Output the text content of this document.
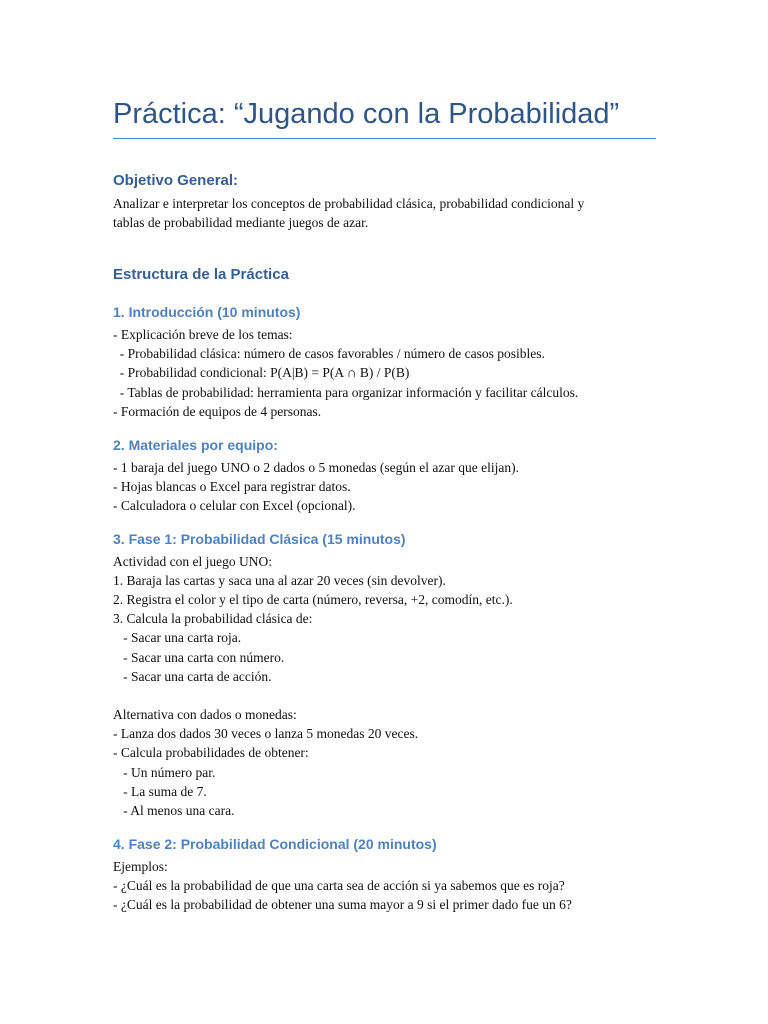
Práctica: “Jugando con la Probabilidad”
Objetivo General:
Analizar e interpretar los conceptos de probabilidad clásica, probabilidad condicional y
tablas de probabilidad mediante juegos de azar.
Estructura de la Práctica
1. Introducción (10 minutos)
- Explicación breve de los temas:
- Probabilidad clásica: número de casos favorables / número de casos posibles.
- Probabilidad condicional: P(A|B) = P(A ∩ B) / P(B)
- Tablas de probabilidad: herramienta para organizar información y facilitar cálculos.
- Formación de equipos de 4 personas.
2. Materiales por equipo:
- 1 baraja del juego UNO o 2 dados o 5 monedas (según el azar que elijan).
- Hojas blancas o Excel para registrar datos.
- Calculadora o celular con Excel (opcional).
3. Fase 1: Probabilidad Clásica (15 minutos)
Actividad con el juego UNO:
1. Baraja las cartas y saca una al azar 20 veces (sin devolver).
2. Registra el color y el tipo de carta (número, reversa, +2, comodín, etc.).
3. Calcula la probabilidad clásica de:
- Sacar una carta roja.
- Sacar una carta con número.
- Sacar una carta de acción.
Alternativa con dados o monedas:
- Lanza dos dados 30 veces o lanza 5 monedas 20 veces.
- Calcula probabilidades de obtener:
- Un número par.
- La suma de 7.
- Al menos una cara.
4. Fase 2: Probabilidad Condicional (20 minutos)
Ejemplos:
- ¿Cuál es la probabilidad de que una carta sea de acción si ya sabemos que es roja?
- ¿Cuál es la probabilidad de obtener una suma mayor a 9 si el primer dado fue un 6?
